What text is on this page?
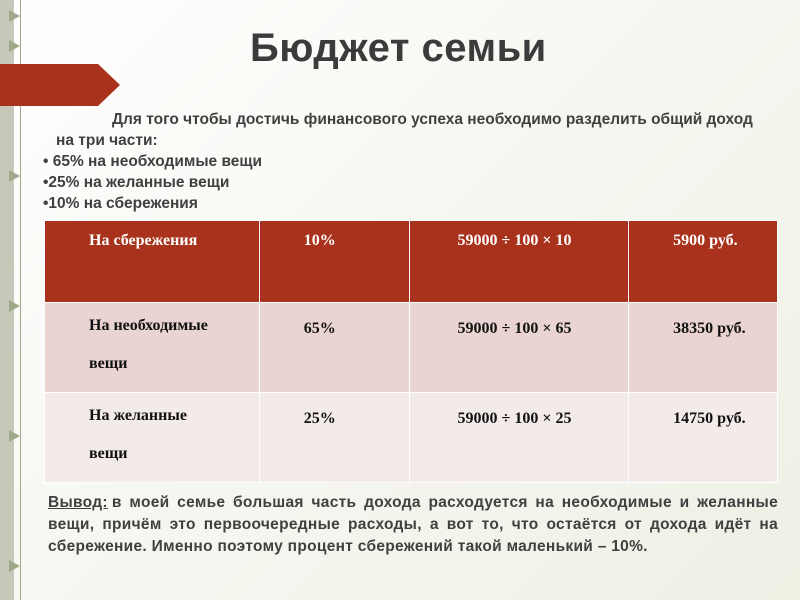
Бюджет семьи

Для того чтобы достичь финансового успеха необходимо разделить общий доход на три части:

• 65% на необходимые вещи
•25% на желанные вещи
•10% на сбережения
На сбережения	10%	59000 ÷ 100 × 10	5900 руб.
На необходимые
вещи	65%	59000 ÷ 100 × 65	38350 руб.
На желанные
вещи	25%	59000 ÷ 100 × 25	14750 руб.
Вывод: в моей семье большая часть дохода расходуется на необходимые и желанные вещи, причём это первоочередные расходы, а вот то, что остаётся от дохода идёт на сбережение. Именно поэтому процент сбережений такой маленький – 10%.
